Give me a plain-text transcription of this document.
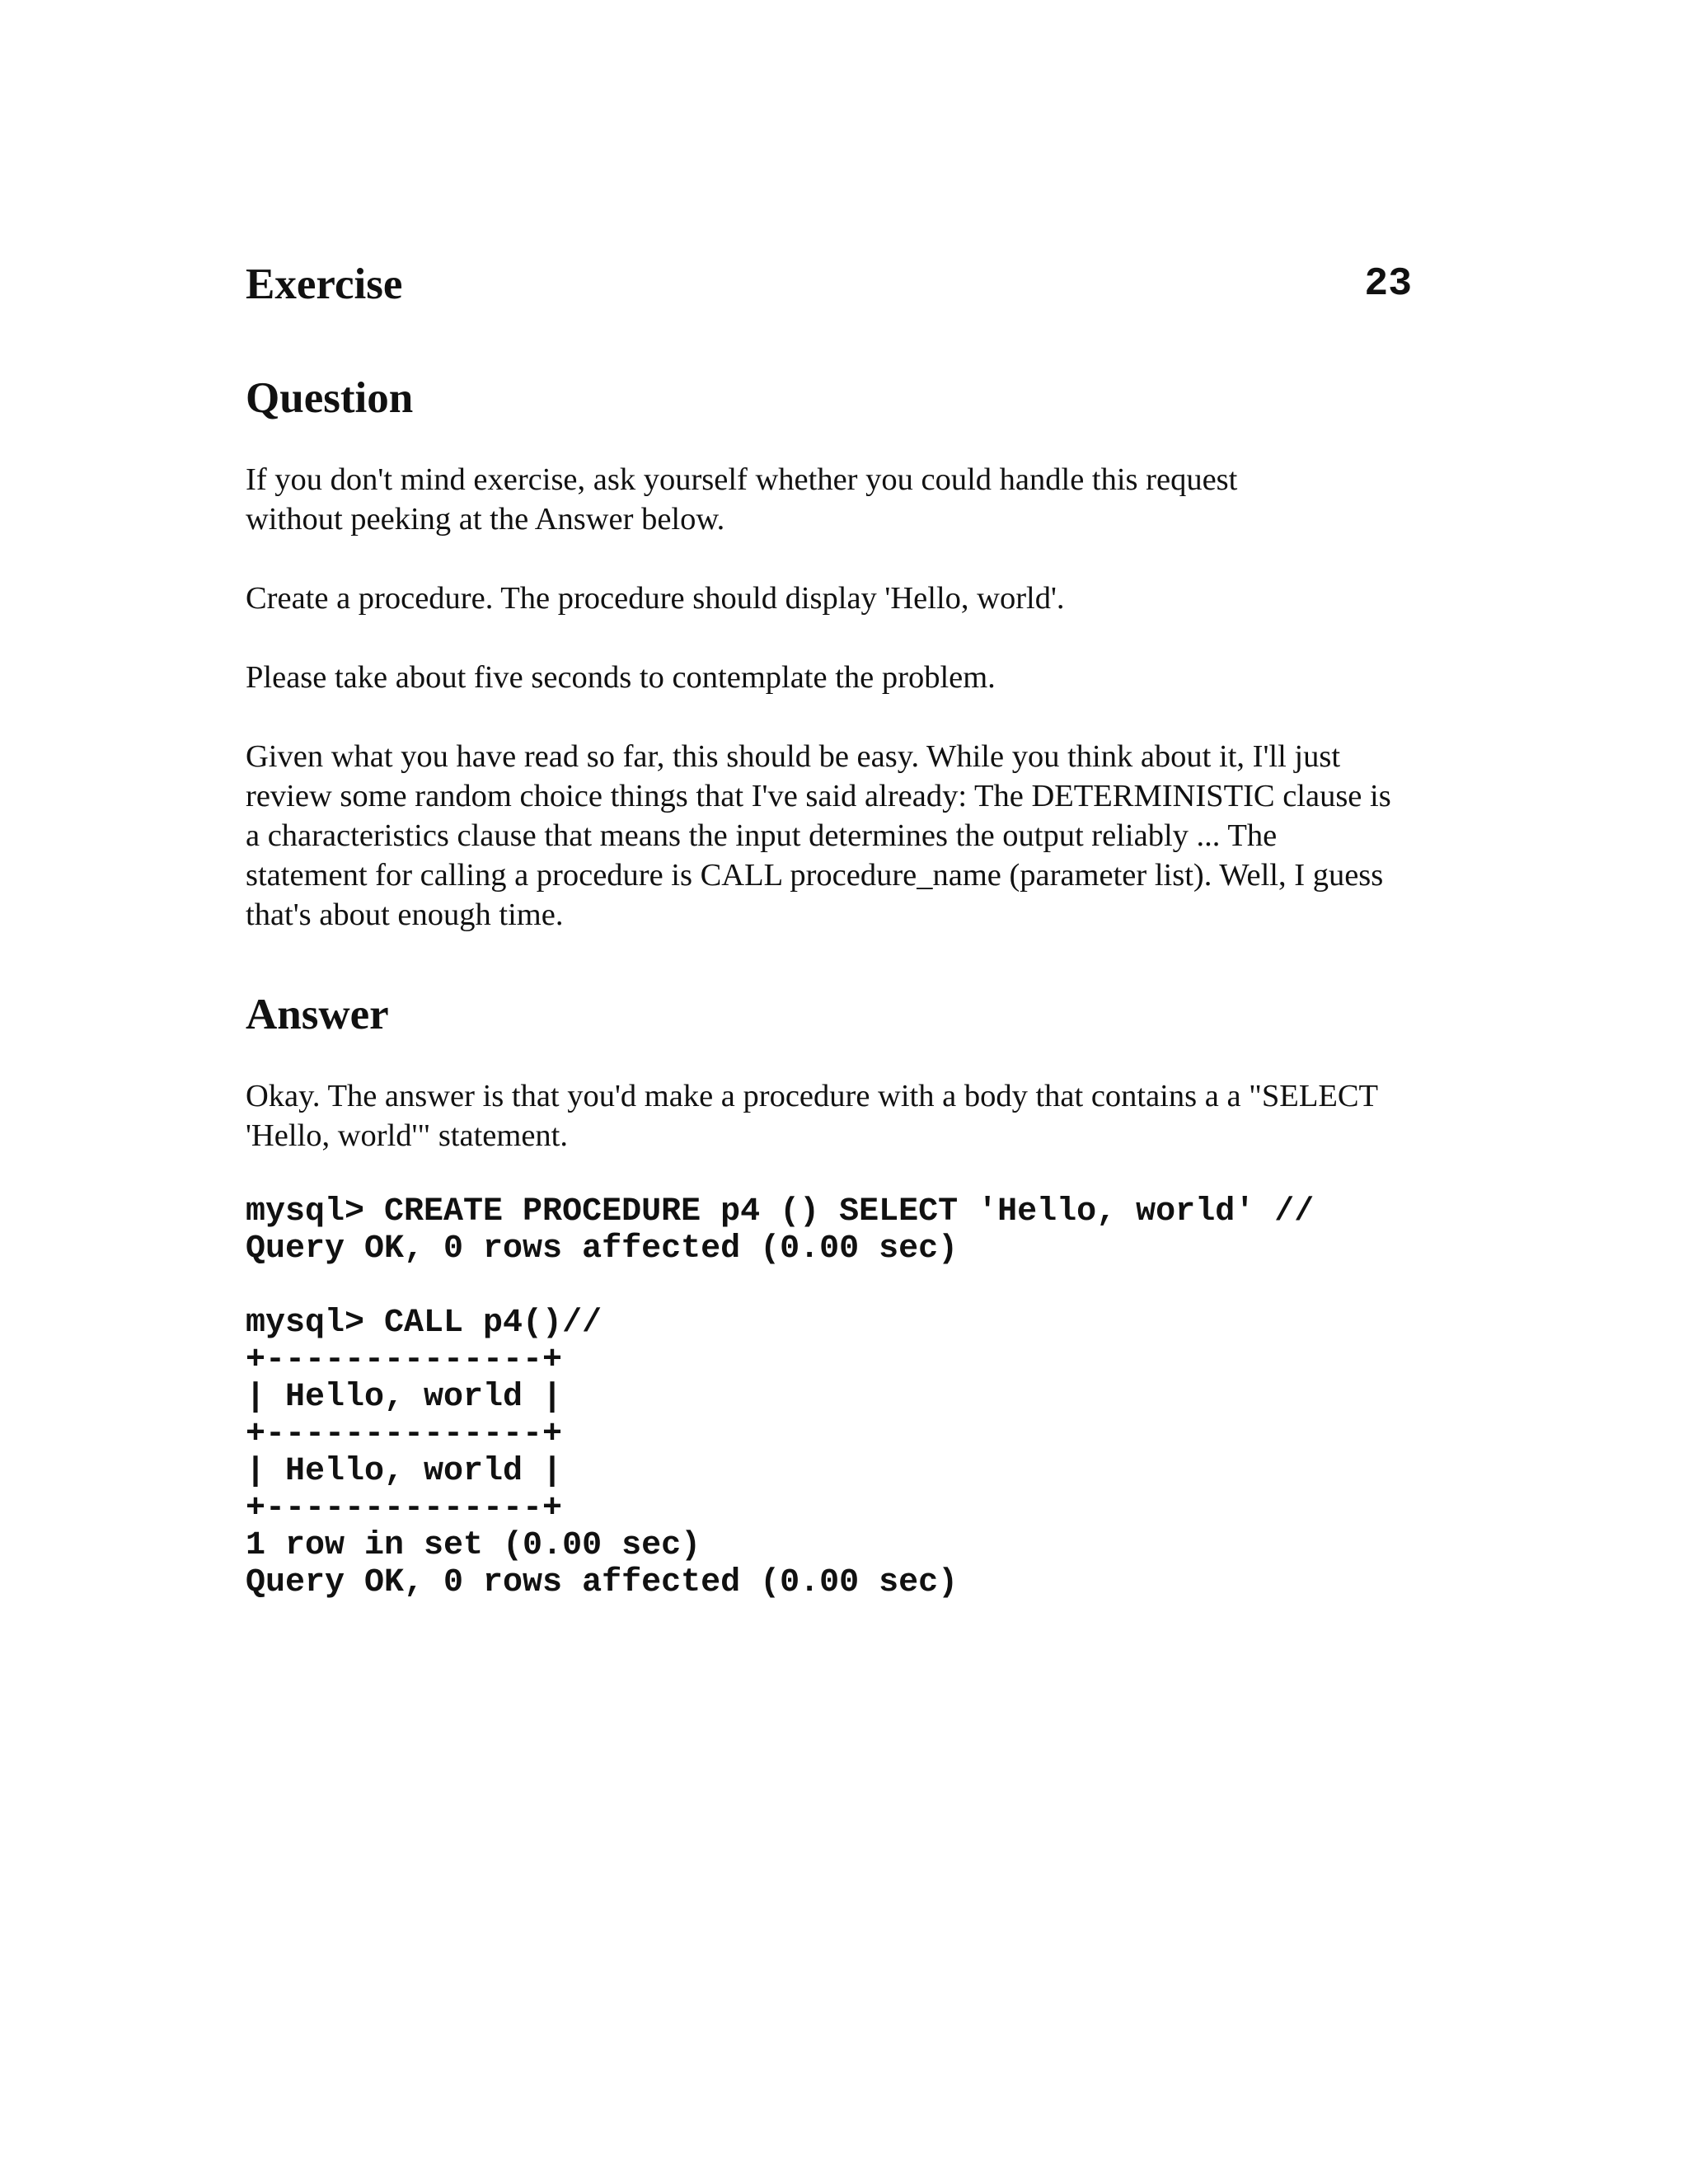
Exercise	23
Question

If you don't mind exercise, ask yourself whether you could handle this request
without peeking at the Answer below.

Create a procedure. The procedure should display 'Hello, world'.

Please take about five seconds to contemplate the problem.

Given what you have read so far, this should be easy. While you think about it, I'll just
review some random choice things that I've said already: The DETERMINISTIC clause is
a characteristics clause that means the input determines the output reliably ... The
statement for calling a procedure is CALL procedure_name (parameter list). Well, I guess
that's about enough time.

Answer

Okay. The answer is that you'd make a procedure with a body that contains a a "SELECT
'Hello, world'" statement.

mysql> CREATE PROCEDURE p4 () SELECT 'Hello, world' //
Query OK, 0 rows affected (0.00 sec)
mysql> CALL p4()//
+--------------+
| Hello, world |
+--------------+
| Hello, world |
+--------------+
1 row in set (0.00 sec)
Query OK, 0 rows affected (0.00 sec)
